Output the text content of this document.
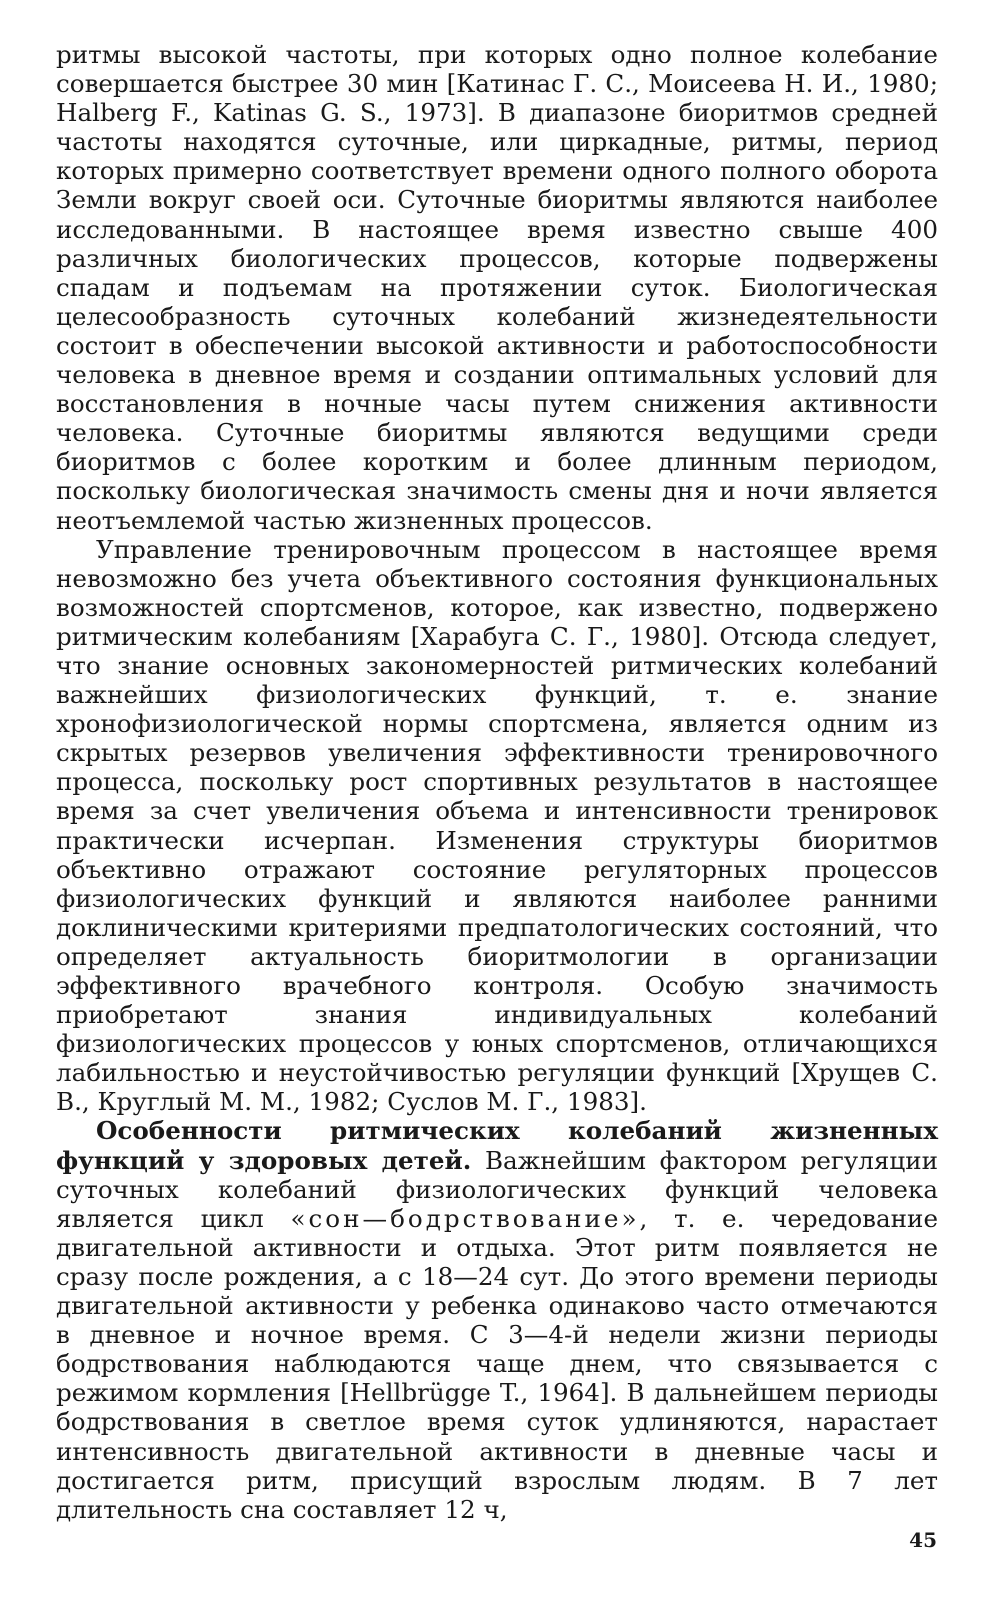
ритмы высокой частоты, при которых одно полное колебание совершается быстрее 30 мин [Катинас Г. С., Моисеева Н. И., 1980; Halberg F., Katinas G. S., 1973]. В диапазоне биоритмов средней частоты находятся суточные, или циркадные, ритмы, период которых примерно соответствует времени одного полного оборота Земли вокруг своей оси. Суточные биоритмы являются наиболее исследованными. В настоящее время известно свыше 400 различных биологических процессов, которые подвержены спадам и подъемам на протяжении суток. Биологическая целесообразность суточных колебаний жизнедеятельности состоит в обеспечении высокой активности и работоспособности человека в дневное время и создании оптимальных условий для восстановления в ночные часы путем снижения активности человека. Суточные биоритмы являются ведущими среди биоритмов с более коротким и более длинным периодом, поскольку биологическая значимость смены дня и ночи является неотъемлемой частью жизненных процессов.

Управление тренировочным процессом в настоящее время невозможно без учета объективного состояния функциональных возможностей спортсменов, которое, как известно, подвержено ритмическим колебаниям [Харабуга С. Г., 1980]. Отсюда следует, что знание основных закономерностей ритмических колебаний важнейших физиологических функций, т. е. знание хронофизиологической нормы спортсмена, является одним из скрытых резервов увеличения эффективности тренировочного процесса, поскольку рост спортивных результатов в настоящее время за счет увеличения объема и интенсивности тренировок практически исчерпан. Изменения структуры биоритмов объективно отражают состояние регуляторных процессов физиологических функций и являются наиболее ранними доклиническими критериями предпатологических состояний, что определяет актуальность биоритмологии в организации эффективного врачебного контроля. Особую значимость приобретают знания индивидуальных колебаний физиологических процессов у юных спортсменов, отличающихся лабильностью и неустойчивостью регуляции функций [Хрущев С. В., Круглый М. М., 1982; Суслов М. Г., 1983].

Особенности ритмических колебаний жизненных функций у здоровых детей. Важнейшим фактором регуляции суточных колебаний физиологических функций человека является цикл «сон—бодрствование», т. е. чередование двигательной активности и отдыха. Этот ритм появляется не сразу после рождения, а с 18—24 сут. До этого времени периоды двигательной активности у ребенка одинаково часто отмечаются в дневное и ночное время. С 3—4-й недели жизни периоды бодрствования наблюдаются чаще днем, что связывается с режимом кормления [Hellbrügge T., 1964]. В дальнейшем периоды бодрствования в светлое время суток удлиняются, нарастает интенсивность двигательной активности в дневные часы и достигается ритм, присущий взрослым людям. В 7 лет длительность сна составляет 12 ч,

45
